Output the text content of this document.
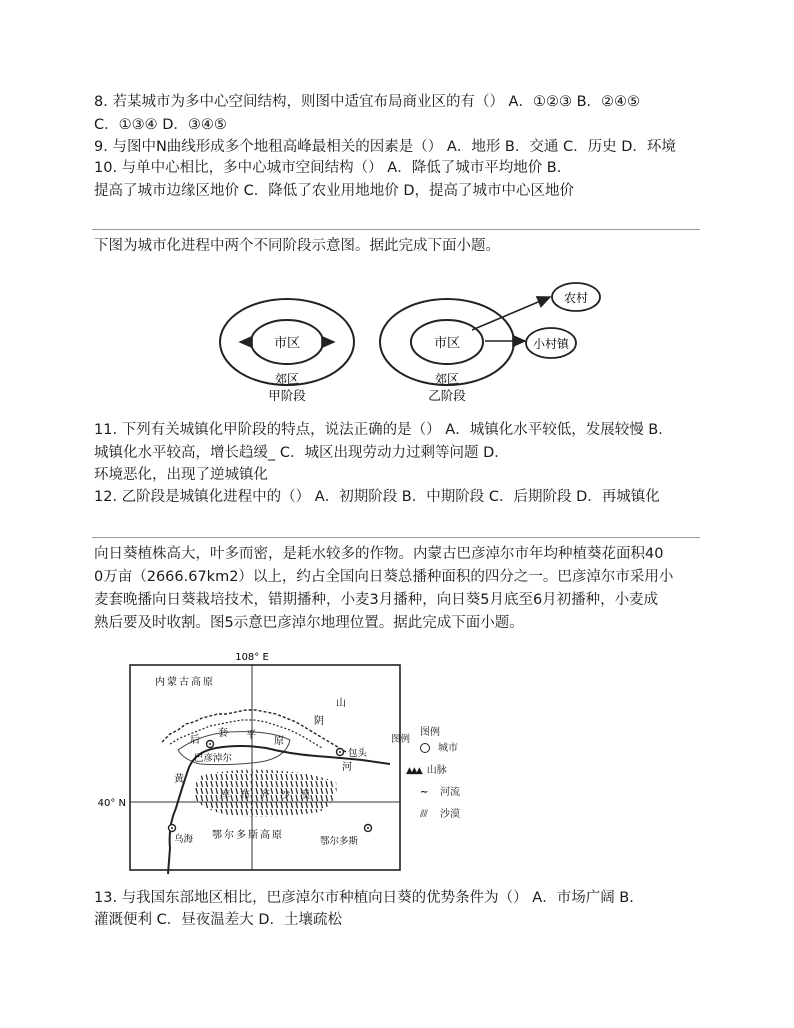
8. 若某城市为多中心空间结构，则图中适宜布局商业区的有（） A．①②③ B．②④⑤
C．①③④ D．③④⑤
9. 与图中N曲线形成多个地租高峰最相关的因素是（） A．地形 B．交通 C．历史 D．环境
10. 与单中心相比，多中心城市空间结构（） A．降低了城市平均地价 B．
提高了城市边缘区地价 C．降低了农业用地地价 D，提高了城市中心区地价
下图为城市化进程中两个不同阶段示意图。据此完成下面小题。
市区
郊区
甲阶段
市区
郊区
乙阶段
农村
小村镇
11. 下列有关城镇化甲阶段的特点，说法正确的是（） A．城镇化水平较低，发展较慢 B．
城镇化水平较高，增长趋缓_ C．城区出现劳动力过剩等问题 D．
环境恶化，出现了逆城镇化
12. 乙阶段是城镇化进程中的（） A．初期阶段 B．中期阶段 C．后期阶段 D．再城镇化
向日葵植株高大，叶多而密，是耗水较多的作物。内蒙古巴彦淖尔市年均种植葵花面积40
0万亩（2666.67km2）以上，约占全国向日葵总播种面积的四分之一。巴彦淖尔市采用小
麦套晚播向日葵栽培技术，错期播种，小麦3月播种，向日葵5月底至6月初播种，小麦成
熟后要及时收割。图5示意巴彦淖尔地理位置。据此完成下面小题。
108° E
40° N
内蒙古高原
阴
山
后
套 平
原
黄
河
巴彦淖尔	包头
乌海	鄂尔多斯
库 布 齐 沙 漠
鄂尔多斯高原
图例
图例
城市
▲▲▲ 山脉
∼ 河流
⫽⫽ 沙漠
13. 与我国东部地区相比，巴彦淖尔市种植向日葵的优势条件为（） A．市场广阔 B．
灌溉便利 C．昼夜温差大 D．土壤疏松
